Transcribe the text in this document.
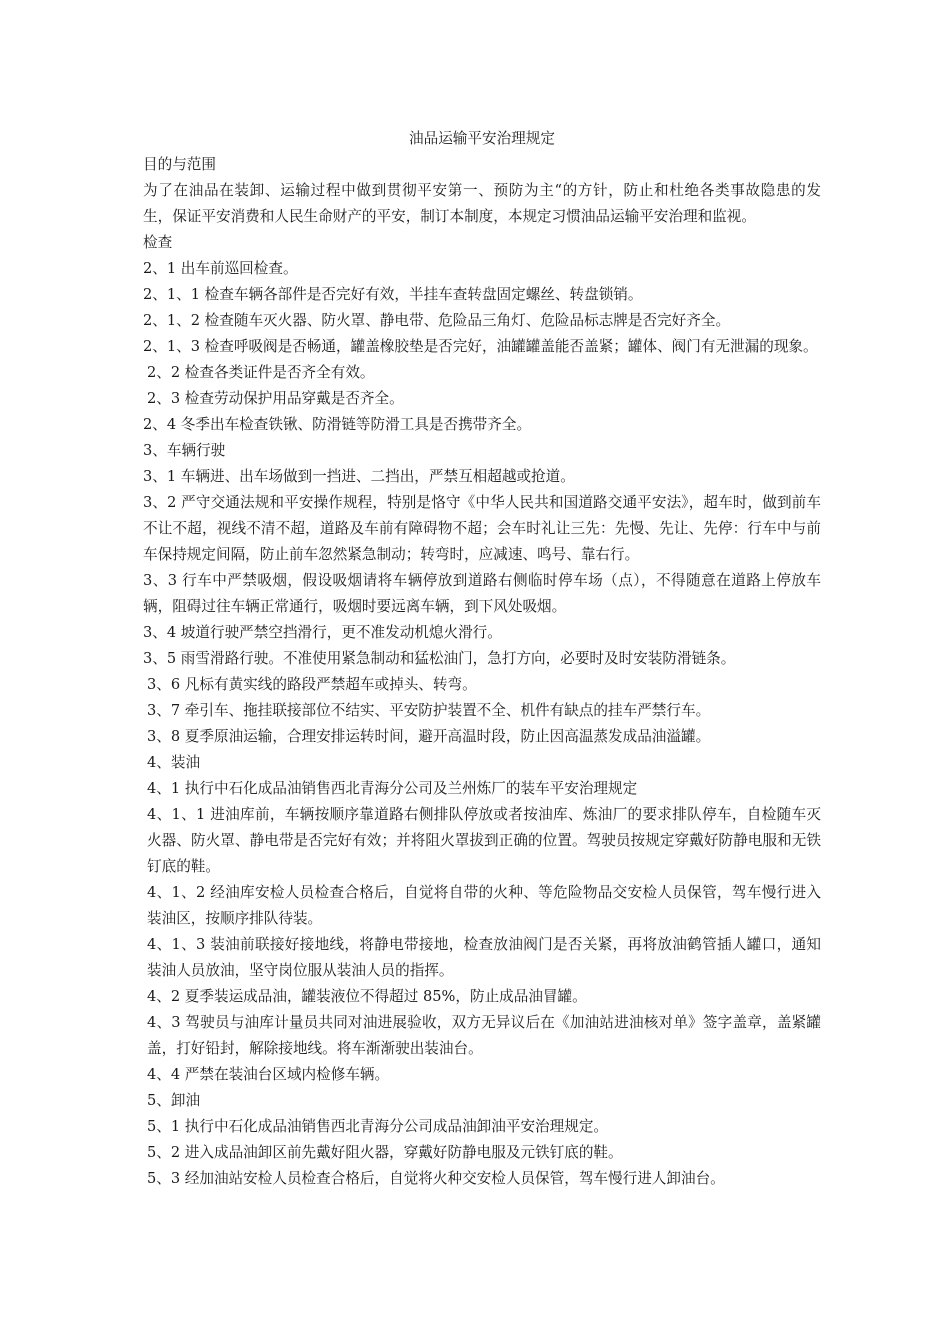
油品运输平安治理规定

目的与范围

为了在油品在装卸、运输过程中做到贯彻平安第一、预防为主“的方针，防止和杜绝各类事故隐患的发生，保证平安消费和人民生命财产的平安，制订本制度，本规定习惯油品运输平安治理和监视。

检查

2、1 出车前巡回检查。

2、1、1 检查车辆各部件是否完好有效，半挂车查转盘固定螺丝、转盘锁销。

2、1、2 检查随车灭火器、防火罩、静电带、危险品三角灯、危险品标志牌是否完好齐全。

2、1、3 检查呼吸阀是否畅通，罐盖橡胶垫是否完好，油罐罐盖能否盖紧；罐体、阀门有无泄漏的现象。

2、2 检查各类证件是否齐全有效。

2、3 检查劳动保护用品穿戴是否齐全。

2、4 冬季出车检查铁锹、防滑链等防滑工具是否携带齐全。

3、车辆行驶

3、1 车辆进、出车场做到一挡进、二挡出，严禁互相超越或抢道。

3、2 严守交通法规和平安操作规程，特别是恪守《中华人民共和国道路交通平安法》，超车时，做到前车不让不超，视线不清不超，道路及车前有障碍物不超；会车时礼让三先：先慢、先让、先停：行车中与前车保持规定间隔，防止前车忽然紧急制动；转弯时，应减速、鸣号、靠右行。

3、3 行车中严禁吸烟，假设吸烟请将车辆停放到道路右侧临时停车场（点），不得随意在道路上停放车辆，阻碍过往车辆正常通行，吸烟时要远离车辆，到下风处吸烟。

3、4 坡道行驶严禁空挡滑行，更不准发动机熄火滑行。

3、5 雨雪滑路行驶。不准使用紧急制动和猛松油门，急打方向，必要时及时安装防滑链条。

3、6 凡标有黄实线的路段严禁超车或掉头、转弯。

3、7 牵引车、拖挂联接部位不结实、平安防护装置不全、机件有缺点的挂车严禁行车。

3、8 夏季原油运输，合理安排运转时间，避开高温时段，防止因高温蒸发成品油溢罐。

4、装油

4、1 执行中石化成品油销售西北青海分公司及兰州炼厂的装车平安治理规定

4、1、1 进油库前，车辆按顺序靠道路右侧排队停放或者按油库、炼油厂的要求排队停车，自检随车灭火器、防火罩、静电带是否完好有效；并将阻火罩拔到正确的位置。驾驶员按规定穿戴好防静电服和无铁钉底的鞋。

4、1、2 经油库安检人员检查合格后，自觉将自带的火种、等危险物品交安检人员保管，驾车慢行进入装油区，按顺序排队待装。

4、1、3 装油前联接好接地线，将静电带接地，检查放油阀门是否关紧，再将放油鹤管插人罐口，通知装油人员放油，坚守岗位服从装油人员的指挥。

4、2 夏季装运成品油，罐装液位不得超过 85%，防止成品油冒罐。

4、3 驾驶员与油库计量员共同对油进展验收，双方无异议后在《加油站进油核对单》签字盖章，盖紧罐盖，打好铅封，解除接地线。将车渐渐驶出装油台。

4、4 严禁在装油台区域内检修车辆。

5、卸油

5、1 执行中石化成品油销售西北青海分公司成品油卸油平安治理规定。

5、2 进入成品油卸区前先戴好阻火器，穿戴好防静电服及元铁钉底的鞋。

5、3 经加油站安检人员检查合格后，自觉将火种交安检人员保管，驾车慢行进人卸油台。
